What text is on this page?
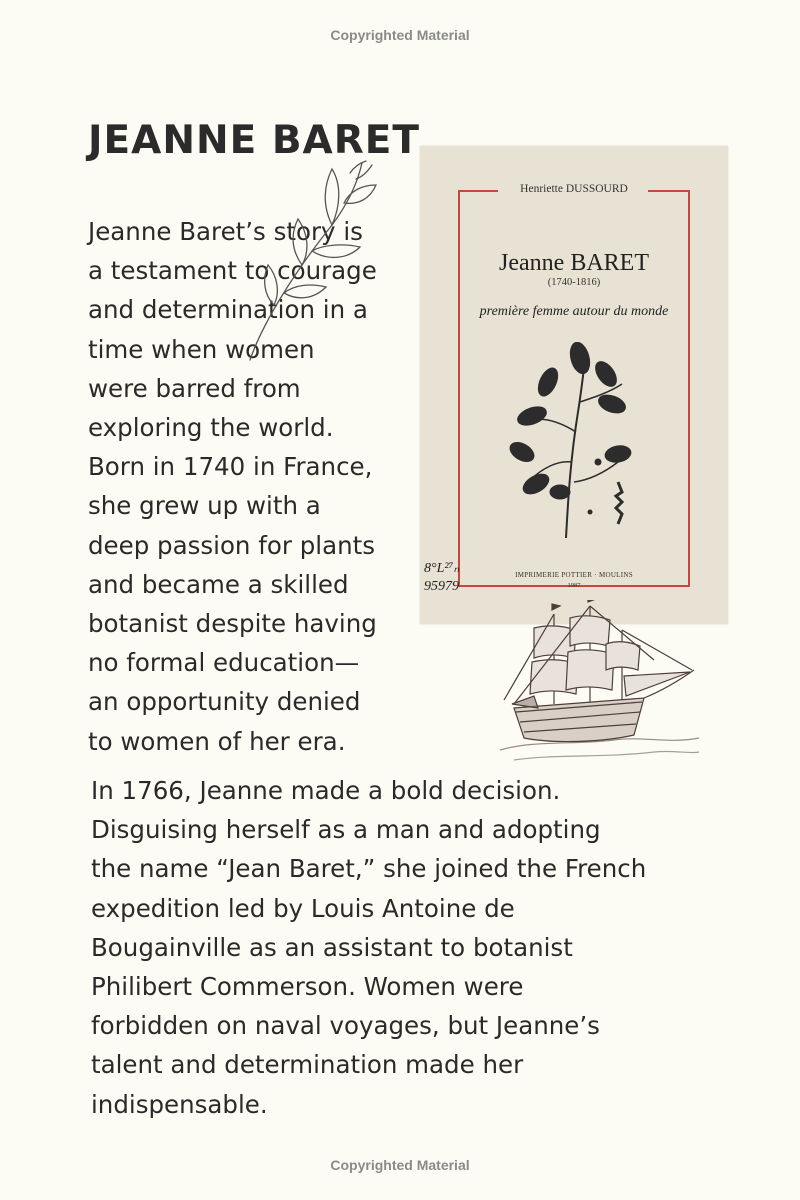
Copyrighted Material
JEANNE BARET
Henriette DUSSOURD
Jeanne BARET
(1740-1816)
première femme autour du monde
IMPRIMERIE POTTIER · MOULINS
1987
8°L²⁷ₙ
95979
Jeanne Baret’s story is
a testament to courage
and determination in a
time when women
were barred from
exploring the world.
Born in 1740 in France,
she grew up with a
deep passion for plants
and became a skilled
botanist despite having
no formal education—
an opportunity denied
to women of her era.
In 1766, Jeanne made a bold decision.
Disguising herself as a man and adopting
the name “Jean Baret,” she joined the French
expedition led by Louis Antoine de
Bougainville as an assistant to botanist
Philibert Commerson. Women were
forbidden on naval voyages, but Jeanne’s
talent and determination made her
indispensable.
Copyrighted Material
